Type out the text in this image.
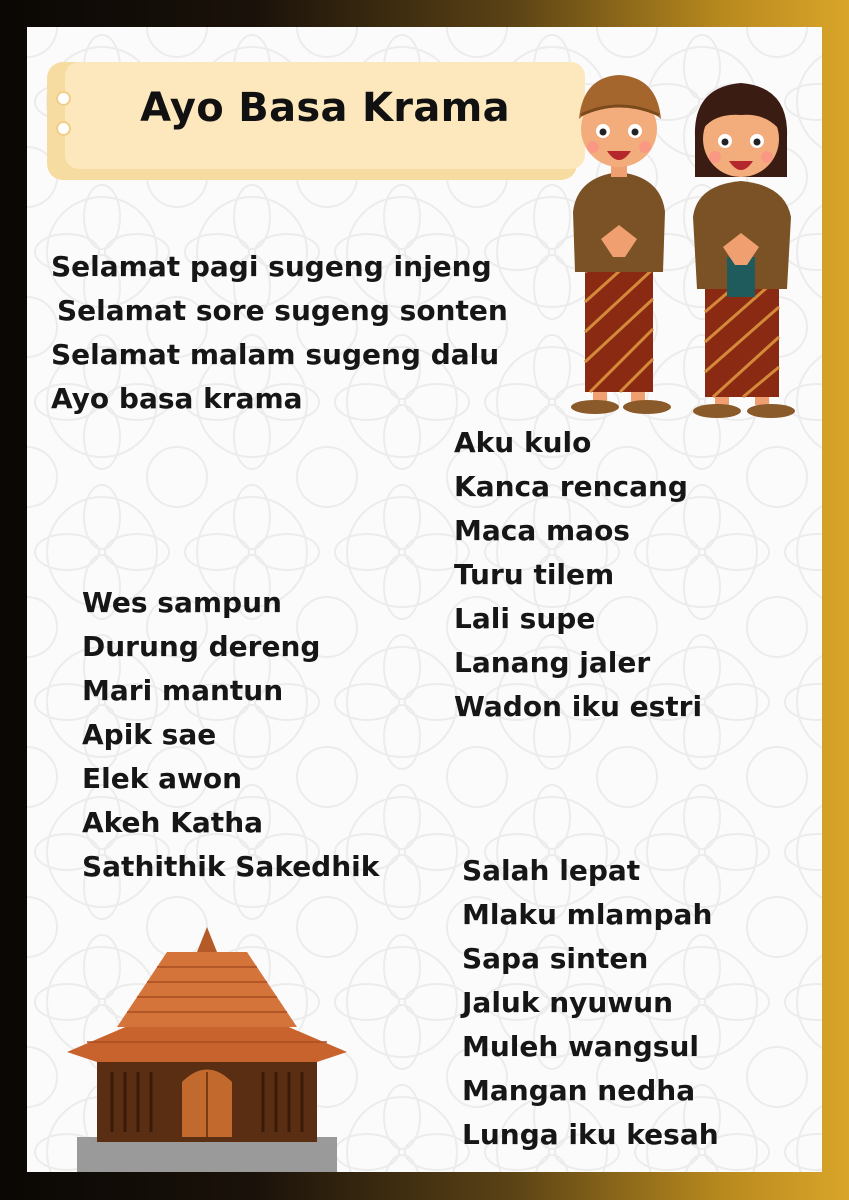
Ayo Basa Krama
Selamat pagi sugeng injeng
Selamat sore sugeng sonten
Selamat malam sugeng dalu
Ayo basa krama
Aku kulo
Kanca rencang
Maca maos
Turu tilem
Lali supe
Lanang jaler
Wadon iku estri
Wes sampun
Durung dereng
Mari mantun
Apik sae
Elek awon
Akeh Katha
Sathithik Sakedhik	Salah lepat
Mlaku mlampah
Sapa sinten
Jaluk nyuwun
Muleh wangsul
Mangan nedha
Lunga iku kesah
